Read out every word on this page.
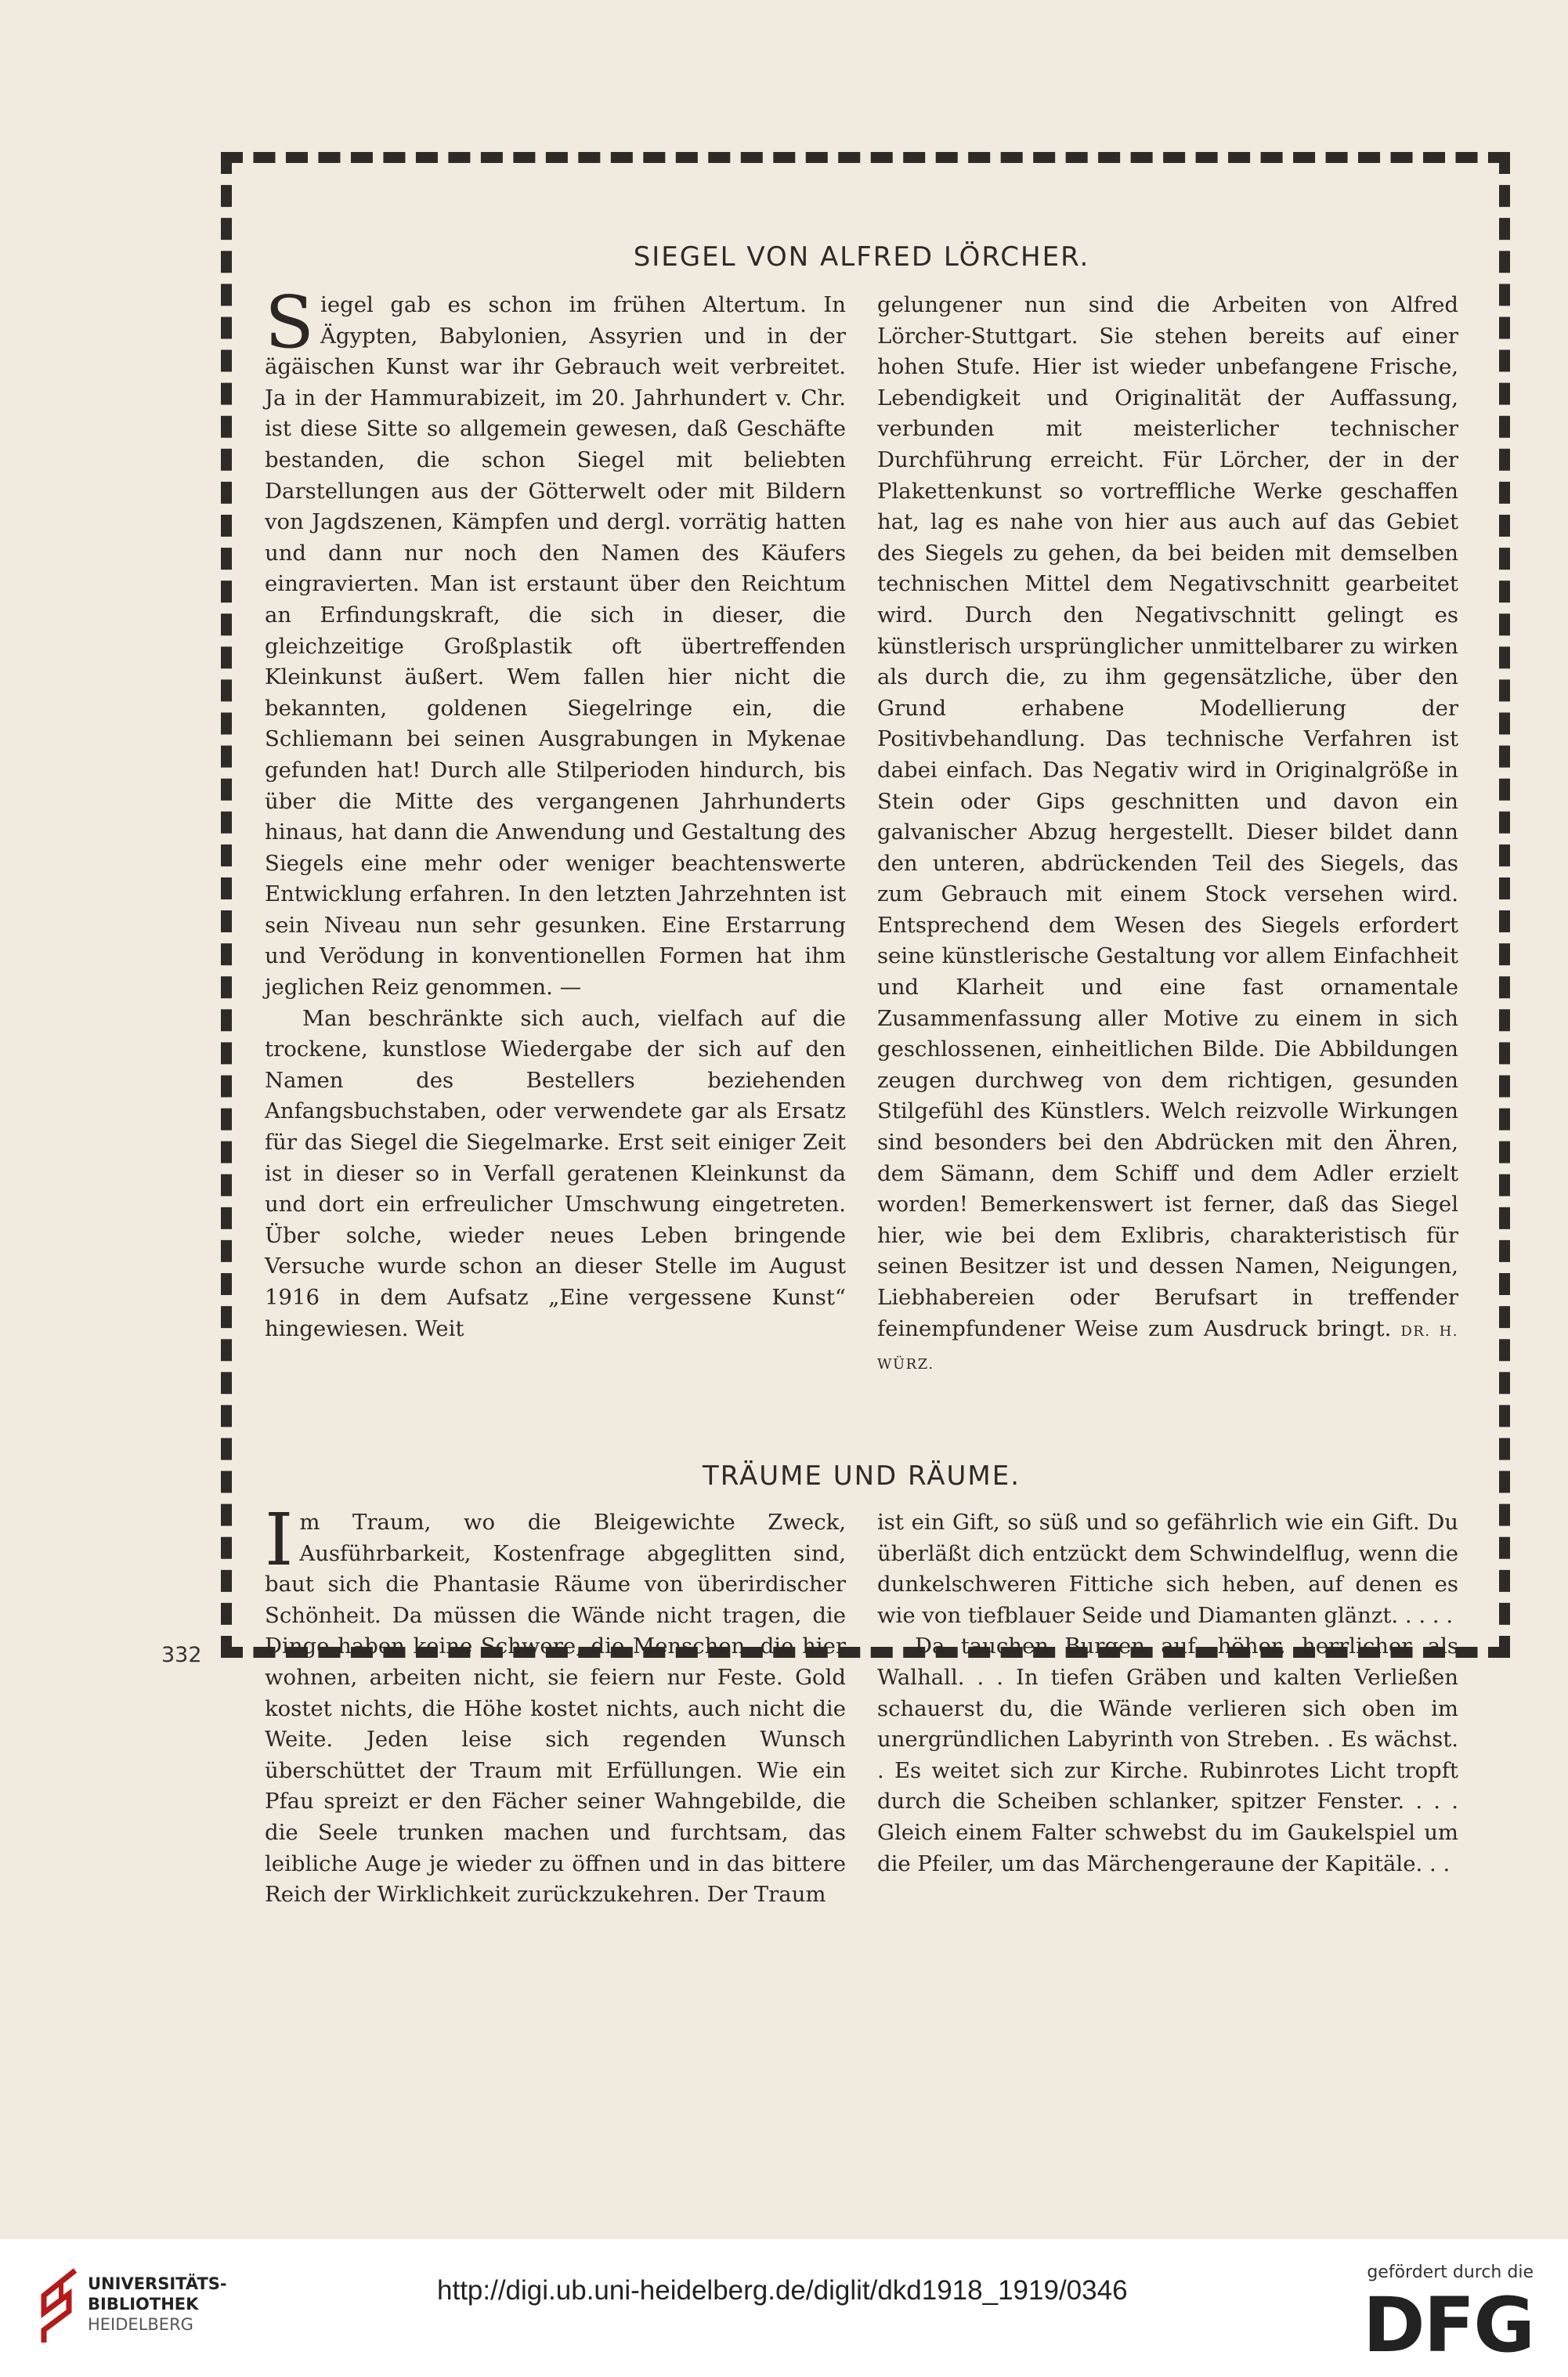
SIEGEL VON ALFRED LÖRCHER.

Siegel gab es schon im frühen Altertum. In Ägypten, Babylonien, Assyrien und in der ägäischen Kunst war ihr Gebrauch weit verbreitet. Ja in der Hammurabizeit, im 20. Jahrhundert v. Chr. ist diese Sitte so allgemein gewesen, daß Geschäfte bestanden, die schon Siegel mit beliebten Darstellungen aus der Götterwelt oder mit Bildern von Jagdszenen, Kämpfen und dergl. vorrätig hatten und dann nur noch den Namen des Käufers eingravierten. Man ist erstaunt über den Reichtum an Erfindungskraft, die sich in dieser, die gleichzeitige Großplastik oft übertreffenden Kleinkunst äußert. Wem fallen hier nicht die bekannten, goldenen Siegelringe ein, die Schliemann bei seinen Ausgrabungen in Mykenae gefunden hat! Durch alle Stilperioden hindurch, bis über die Mitte des vergangenen Jahrhunderts hinaus, hat dann die Anwendung und Gestaltung des Siegels eine mehr oder weniger beachtenswerte Entwicklung erfahren. In den letzten Jahrzehnten ist sein Niveau nun sehr gesunken. Eine Erstarrung und Verödung in konventionellen Formen hat ihm jeglichen Reiz genommen. —

Man beschränkte sich auch, vielfach auf die trockene, kunstlose Wiedergabe der sich auf den Namen des Bestellers beziehenden Anfangsbuchstaben, oder verwendete gar als Ersatz für das Siegel die Siegelmarke. Erst seit einiger Zeit ist in dieser so in Verfall geratenen Kleinkunst da und dort ein erfreulicher Umschwung eingetreten. Über solche, wieder neues Leben bringende Versuche wurde schon an dieser Stelle im August 1916 in dem Aufsatz „Eine vergessene Kunst“ hingewiesen. Weit

gelungener nun sind die Arbeiten von Alfred Lörcher-Stuttgart. Sie stehen bereits auf einer hohen Stufe. Hier ist wieder unbefangene Frische, Lebendigkeit und Originalität der Auffassung, verbunden mit meisterlicher technischer Durchführung erreicht. Für Lörcher, der in der Plakettenkunst so vortreffliche Werke geschaffen hat, lag es nahe von hier aus auch auf das Gebiet des Siegels zu gehen, da bei beiden mit demselben technischen Mittel dem Negativschnitt gearbeitet wird. Durch den Negativschnitt gelingt es künstlerisch ursprünglicher unmittelbarer zu wirken als durch die, zu ihm gegensätzliche, über den Grund erhabene Modellierung der Positivbehandlung. Das technische Verfahren ist dabei einfach. Das Negativ wird in Originalgröße in Stein oder Gips geschnitten und davon ein galvanischer Abzug hergestellt. Dieser bildet dann den unteren, abdrückenden Teil des Siegels, das zum Gebrauch mit einem Stock versehen wird. Entsprechend dem Wesen des Siegels erfordert seine künstlerische Gestaltung vor allem Einfachheit und Klarheit und eine fast ornamentale Zusammenfassung aller Motive zu einem in sich geschlossenen, einheitlichen Bilde. Die Abbildungen zeugen durchweg von dem richtigen, gesunden Stilgefühl des Künstlers. Welch reizvolle Wirkungen sind besonders bei den Abdrücken mit den Ähren, dem Sämann, dem Schiff und dem Adler erzielt worden! Bemerkenswert ist ferner, daß das Siegel hier, wie bei dem Exlibris, charakteristisch für seinen Besitzer ist und dessen Namen, Neigungen, Liebhabereien oder Berufsart in treffender feinempfundener Weise zum Ausdruck bringt. DR. H. WÜRZ.

TRÄUME UND RÄUME.

Im Traum, wo die Bleigewichte Zweck, Ausführbarkeit, Kostenfrage abgeglitten sind, baut sich die Phantasie Räume von überirdischer Schönheit. Da müssen die Wände nicht tragen, die Dinge haben keine Schwere, die Menschen, die hier wohnen, arbeiten nicht, sie feiern nur Feste. Gold kostet nichts, die Höhe kostet nichts, auch nicht die Weite. Jeden leise sich regenden Wunsch überschüttet der Traum mit Erfüllungen. Wie ein Pfau spreizt er den Fächer seiner Wahngebilde, die die Seele trunken machen und furchtsam, das leibliche Auge je wieder zu öffnen und in das bittere Reich der Wirklichkeit zurückzukehren. Der Traum

ist ein Gift, so süß und so gefährlich wie ein Gift. Du überläßt dich entzückt dem Schwindelflug, wenn die dunkelschweren Fittiche sich heben, auf denen es wie von tiefblauer Seide und Diamanten glänzt. . . . .

Da tauchen Burgen auf, höher, herrlicher als Walhall. . . In tiefen Gräben und kalten Verließen schauerst du, die Wände verlieren sich oben im unergründlichen Labyrinth von Streben. . Es wächst. . Es weitet sich zur Kirche. Rubinrotes Licht tropft durch die Scheiben schlanker, spitzer Fenster. . . . Gleich einem Falter schwebst du im Gaukelspiel um die Pfeiler, um das Märchengeraune der Kapitäle. . .

332
UNIVERSITÄTS-
BIBLIOTHEK
HEIDELBERG
http://digi.ub.uni-heidelberg.de/diglit/dkd1918_1919/0346
gefördert durch die
DFG
